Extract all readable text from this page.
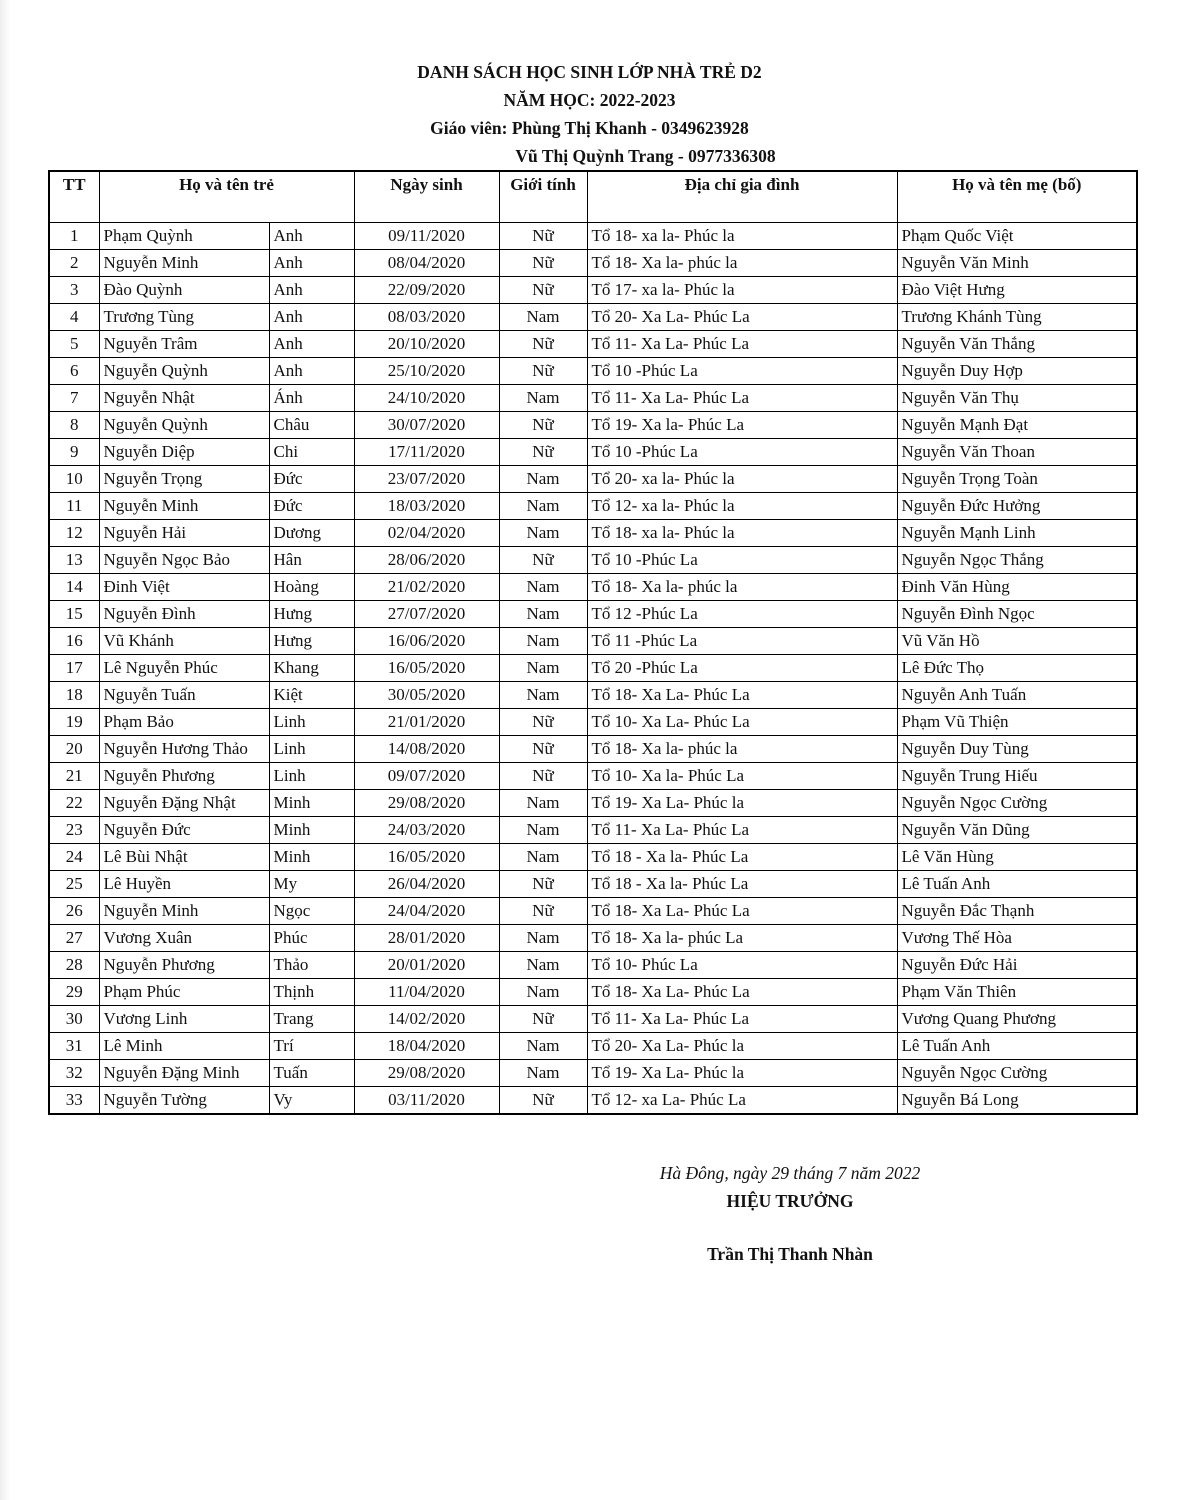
DANH SÁCH HỌC SINH LỚP NHÀ TRẺ D2
NĂM HỌC: 2022-2023
Giáo viên: Phùng Thị Khanh - 0349623928
Vũ Thị Quỳnh Trang - 0977336308
TT	Họ và tên trẻ		Ngày sinh	Giới tính	Địa chỉ gia đình	Họ và tên mẹ (bố)
1	Phạm Quỳnh	Anh	09/11/2020	Nữ	Tổ 18- xa la- Phúc la	Phạm Quốc Việt
2	Nguyễn Minh	Anh	08/04/2020	Nữ	Tổ 18- Xa la- phúc la	Nguyễn Văn Minh
3	Đào Quỳnh	Anh	22/09/2020	Nữ	Tổ 17- xa la- Phúc la	Đào Việt Hưng
4	Trương Tùng	Anh	08/03/2020	Nam	Tổ 20- Xa La- Phúc La	Trương Khánh Tùng
5	Nguyễn Trâm	Anh	20/10/2020	Nữ	Tổ 11- Xa La- Phúc La	Nguyễn Văn Thắng
6	Nguyễn Quỳnh	Anh	25/10/2020	Nữ	Tổ 10 -Phúc La	Nguyễn Duy Hợp
7	Nguyễn Nhật	Ánh	24/10/2020	Nam	Tổ 11- Xa La- Phúc La	Nguyễn Văn Thụ
8	Nguyễn Quỳnh	Châu	30/07/2020	Nữ	Tổ 19- Xa la- Phúc La	Nguyễn Mạnh Đạt
9	Nguyễn Diệp	Chi	17/11/2020	Nữ	Tổ 10 -Phúc La	Nguyễn Văn Thoan
10	Nguyễn Trọng	Đức	23/07/2020	Nam	Tổ 20- xa la- Phúc la	Nguyễn Trọng Toàn
11	Nguyễn Minh	Đức	18/03/2020	Nam	Tổ 12- xa la- Phúc la	Nguyễn Đức Hưởng
12	Nguyễn Hải	Dương	02/04/2020	Nam	Tổ 18- xa la- Phúc la	Nguyễn Mạnh Linh
13	Nguyễn Ngọc Bảo	Hân	28/06/2020	Nữ	Tổ 10 -Phúc La	Nguyễn Ngọc Thắng
14	Đinh Việt	Hoàng	21/02/2020	Nam	Tổ 18- Xa la- phúc la	Đinh Văn Hùng
15	Nguyễn Đình	Hưng	27/07/2020	Nam	Tổ 12 -Phúc La	Nguyễn Đình Ngọc
16	Vũ Khánh	Hưng	16/06/2020	Nam	Tổ 11 -Phúc La	Vũ Văn Hồ
17	Lê Nguyễn Phúc	Khang	16/05/2020	Nam	Tổ 20 -Phúc La	Lê Đức Thọ
18	Nguyễn Tuấn	Kiệt	30/05/2020	Nam	Tổ 18- Xa La- Phúc La	Nguyễn Anh Tuấn
19	Phạm Bảo	Linh	21/01/2020	Nữ	Tổ 10- Xa La- Phúc La	Phạm Vũ Thiện
20	Nguyễn Hương Thảo	Linh	14/08/2020	Nữ	Tổ 18- Xa la- phúc la	Nguyễn Duy Tùng
21	Nguyễn Phương	Linh	09/07/2020	Nữ	Tổ 10- Xa la- Phúc La	Nguyễn Trung Hiếu
22	Nguyễn Đặng Nhật	Minh	29/08/2020	Nam	Tổ 19- Xa La- Phúc la	Nguyễn Ngọc Cường
23	Nguyễn Đức	Minh	24/03/2020	Nam	Tổ 11- Xa La- Phúc La	Nguyễn Văn Dũng
24	Lê Bùi Nhật	Minh	16/05/2020	Nam	Tổ 18 - Xa la- Phúc La	Lê Văn Hùng
25	Lê Huyền	My	26/04/2020	Nữ	Tổ 18 - Xa la- Phúc La	Lê Tuấn Anh
26	Nguyễn Minh	Ngọc	24/04/2020	Nữ	Tổ 18- Xa La- Phúc La	Nguyễn Đắc Thạnh
27	Vương Xuân	Phúc	28/01/2020	Nam	Tổ 18- Xa la- phúc La	Vương Thế Hòa
28	Nguyễn Phương	Thảo	20/01/2020	Nam	Tổ 10- Phúc La	Nguyễn Đức Hải
29	Phạm Phúc	Thịnh	11/04/2020	Nam	Tổ 18- Xa La- Phúc La	Phạm Văn Thiên
30	Vương Linh	Trang	14/02/2020	Nữ	Tổ 11- Xa La- Phúc La	Vương Quang Phương
31	Lê Minh	Trí	18/04/2020	Nam	Tổ 20- Xa La- Phúc la	Lê Tuấn Anh
32	Nguyễn Đặng Minh	Tuấn	29/08/2020	Nam	Tổ 19- Xa La- Phúc la	Nguyễn Ngọc Cường
33	Nguyễn Tường	Vy	03/11/2020	Nữ	Tổ 12- xa La- Phúc La	Nguyễn Bá Long
Hà Đông, ngày 29 tháng 7 năm 2022
HIỆU TRƯỞNG
Trần Thị Thanh Nhàn
